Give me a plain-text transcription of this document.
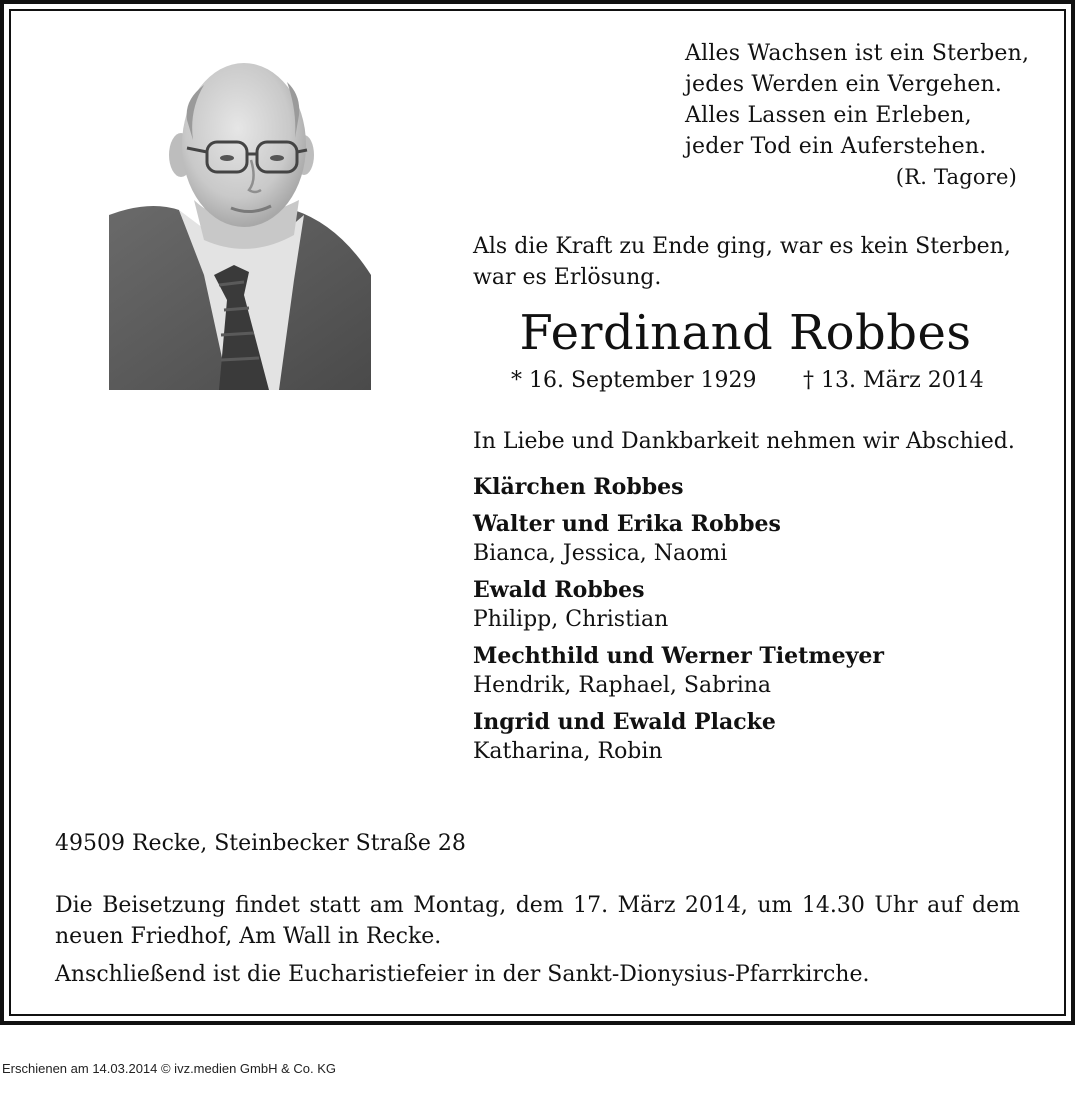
Alles Wachsen ist ein Sterben,
jedes Werden ein Vergehen.
Alles Lassen ein Erleben,
jeder Tod ein Auferstehen.
(R. Tagore)
Als die Kraft zu Ende ging, war es kein Sterben,
war es Erlösung.
Ferdinand Robbes
* 16. September 1929 † 13. März 2014
In Liebe und Dankbarkeit nehmen wir Abschied.
Klärchen Robbes
Walter und Erika Robbes
Bianca, Jessica, Naomi
Ewald Robbes
Philipp, Christian
Mechthild und Werner Tietmeyer
Hendrik, Raphael, Sabrina
Ingrid und Ewald Placke
Katharina, Robin
49509 Recke, Steinbecker Straße 28
Die Beisetzung findet statt am Montag, dem 17. März 2014, um 14.30 Uhr auf dem neuen Friedhof, Am Wall in Recke.
Anschließend ist die Eucharistiefeier in der Sankt-Dionysius-Pfarrkirche.
Erschienen am 14.03.2014 © ivz.medien GmbH & Co. KG
